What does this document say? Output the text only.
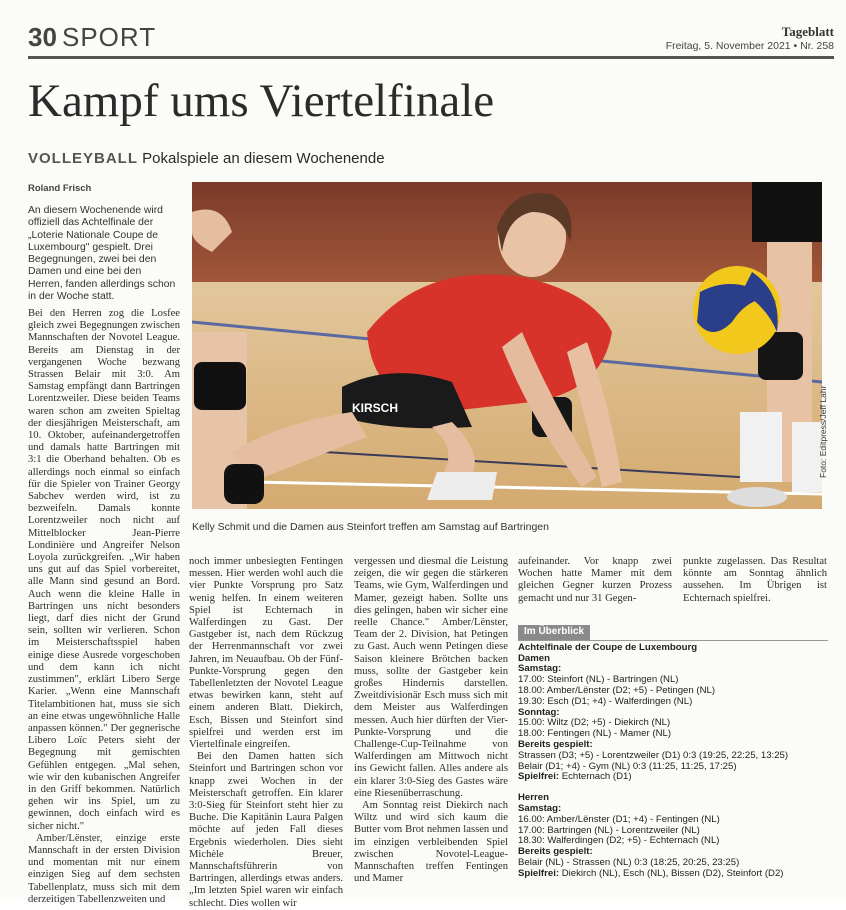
30 SPORT	Tageblatt
Freitag, 5. November 2021 • Nr. 258
Kampf ums Viertelfinale
VOLLEYBALL Pokalspiele an diesem Wochenende
Roland Frisch
An diesem Wochenende wird offiziell das Achtelfinale der „Loterie Nationale Coupe de Luxembourg" gespielt. Drei Begegnungen, zwei bei den Damen und eine bei den Herren, fanden allerdings schon in der Woche statt.
KIRSCH	Foto: Editpress/Jeff Lahr
Kelly Schmit und die Damen aus Steinfort treffen am Samstag auf Bartringen

Bei den Herren zog die Losfee gleich zwei Begegnungen zwischen Mannschaften der Novotel League. Bereits am Dienstag in der vergangenen Woche bezwang Strassen Belair mit 3:0. Am Samstag empfängt dann Bartringen Lorentzweiler. Diese beiden Teams waren schon am zweiten Spieltag der diesjährigen Meisterschaft, am 10. Oktober, aufeinandergetroffen und damals hatte Bartringen mit 3:1 die Oberhand behalten. Ob es allerdings noch einmal so einfach für die Spieler von Trainer Georgy Sabchev werden wird, ist zu bezweifeln. Damals konnte Lorentzweiler noch nicht auf Mittelblocker Jean-Pierre Londinière und Angreifer Nelson Loyola zurückgreifen. „Wir haben uns gut auf das Spiel vorbereitet, alle Mann sind gesund an Bord. Auch wenn die kleine Halle in Bartringen uns nicht besonders liegt, darf dies nicht der Grund sein, sollten wir verlieren. Schon im Meisterschaftsspiel haben einige diese Ausrede vorgeschoben und dem kann ich nicht zustimmen", erklärt Libero Serge Karier. „Wenn eine Mannschaft Titelambitionen hat, muss sie sich an eine etwas ungewöhnliche Halle anpassen können." Der gegnerische Libero Loïc Peters sieht der Begegnung mit gemischten Gefühlen entgegen. „Mal sehen, wie wir den kubanischen Angreifer in den Griff bekommen. Natürlich gehen wir ins Spiel, um zu gewinnen, doch einfach wird es sicher nicht."

Amber/Lënster, einzige erste Mannschaft in der ersten Division und momentan mit nur einem einzigen Sieg auf dem sechsten Tabellenplatz, muss sich mit dem derzeitigen Tabellenzweiten und

noch immer unbesiegten Fentingen messen. Hier werden wohl auch die vier Punkte Vorsprung pro Satz wenig helfen. In einem weiteren Spiel ist Echternach in Walferdingen zu Gast. Der Gastgeber ist, nach dem Rückzug der Herrenmannschaft vor zwei Jahren, im Neuaufbau. Ob der Fünf-Punkte-Vorsprung gegen den Tabellenletzten der Novotel League etwas bewirken kann, steht auf einem anderen Blatt. Diekirch, Esch, Bissen und Steinfort sind spielfrei und werden erst im Viertelfinale eingreifen.

Bei den Damen hatten sich Steinfort und Bartringen schon vor knapp zwei Wochen in der Meisterschaft getroffen. Ein klarer 3:0-Sieg für Steinfort steht hier zu Buche. Die Kapitänin Laura Palgen möchte auf jeden Fall dieses Ergebnis wiederholen. Dies sieht Michèle Breuer, Mannschaftsführerin von Bartringen, allerdings etwas anders. „Im letzten Spiel waren wir einfach schlecht. Dies wollen wir

vergessen und diesmal die Leistung zeigen, die wir gegen die stärkeren Teams, wie Gym, Walferdingen und Mamer, gezeigt haben. Sollte uns dies gelingen, haben wir sicher eine reelle Chance." Amber/Lënster, Team der 2. Division, hat Petingen zu Gast. Auch wenn Petingen diese Saison kleinere Brötchen backen muss, sollte der Gastgeber kein großes Hindernis darstellen. Zweitdivisionär Esch muss sich mit dem Meister aus Walferdingen messen. Auch hier dürften der Vier-Punkte-Vorsprung und die Challenge-Cup-Teilnahme von Walferdingen am Mittwoch nicht ins Gewicht fallen. Alles andere als ein klarer 3:0-Sieg des Gastes wäre eine Riesenüberraschung.

Am Sonntag reist Diekirch nach Wiltz und wird sich kaum die Butter vom Brot nehmen lassen und im einzigen verbleibenden Spiel zwischen Novotel-League-Mannschaften treffen Fentingen und Mamer

aufeinander. Vor knapp zwei Wochen hatte Mamer mit dem gleichen Gegner kurzen Prozess gemacht und nur 31 Gegen-

punkte zugelassen. Das Resultat könnte am Sonntag ähnlich aussehen. Im Übrigen ist Echternach spielfrei.

Im Überblick
Achtelfinale der Coupe de Luxembourg
Damen
Samstag:
17.00: Steinfort (NL) - Bartringen (NL)
18.00: Amber/Lënster (D2; +5) - Petingen (NL)
19.30: Esch (D1; +4) - Walferdingen (NL)
Sonntag:
15.00: Wiltz (D2; +5) - Diekirch (NL)
18.00: Fentingen (NL) - Mamer (NL)
Bereits gespielt:
Strassen (D3; +5) - Lorentzweiler (D1) 0:3 (19:25, 22:25, 13:25)
Belair (D1; +4) - Gym (NL) 0:3 (11:25, 11:25, 17:25)
Spielfrei: Echternach (D1)
Herren
Samstag:
16.00: Amber/Lënster (D1; +4) - Fentingen (NL)
17.00: Bartringen (NL) - Lorentzweiler (NL)
18.30: Walferdingen (D2; +5) - Echternach (NL)
Bereits gespielt:
Belair (NL) - Strassen (NL) 0:3 (18:25, 20:25, 23:25)
Spielfrei: Diekirch (NL), Esch (NL), Bissen (D2), Steinfort (D2)
